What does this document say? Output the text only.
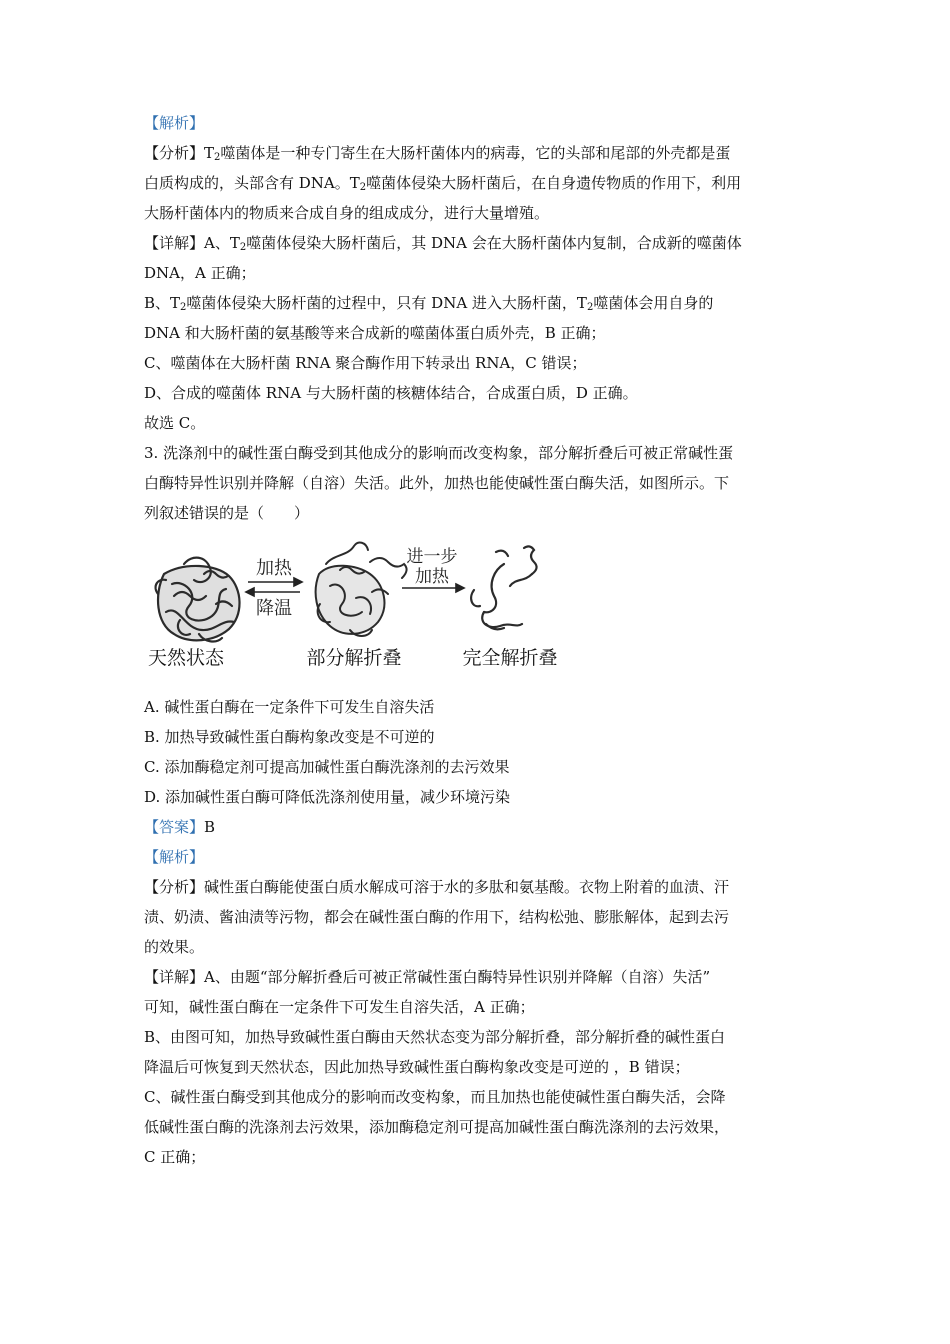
【解析】
【分析】$T_2$噬菌体是一种专门寄生在大肠杆菌体内的病毒，它的头部和尾部的外壳都是蛋
白质构成的，头部含有 DNA。$T_2$噬菌体侵染大肠杆菌后，在自身遗传物质的作用下，利用
大肠杆菌体内的物质来合成自身的组成成分，进行大量增殖。
【详解】A、$T_2$噬菌体侵染大肠杆菌后，其 DNA 会在大肠杆菌体内复制，合成新的噬菌体
DNA，A 正确；
B、$T_2$噬菌体侵染大肠杆菌的过程中，只有 DNA 进入大肠杆菌，$T_2$噬菌体会用自身的
DNA 和大肠杆菌的氨基酸等来合成新的噬菌体蛋白质外壳，B 正确；
C、噬菌体在大肠杆菌 RNA 聚合酶作用下转录出 RNA，C 错误；
D、合成的噬菌体 RNA 与大肠杆菌的核糖体结合，合成蛋白质，D 正确。
故选 C。
3. 洗涤剂中的碱性蛋白酶受到其他成分的影响而改变构象，部分解折叠后可被正常碱性蛋
白酶特异性识别并降解（自溶）失活。此外，加热也能使碱性蛋白酶失活，如图所示。下
列叙述错误的是（　　）
加热
降温
进一步
加热
天然状态	部分解折叠	完全解折叠
A. 碱性蛋白酶在一定条件下可发生自溶失活
B. 加热导致碱性蛋白酶构象改变是不可逆的
C. 添加酶稳定剂可提高加碱性蛋白酶洗涤剂的去污效果
D. 添加碱性蛋白酶可降低洗涤剂使用量，减少环境污染
【答案】B
【解析】
【分析】碱性蛋白酶能使蛋白质水解成可溶于水的多肽和氨基酸。衣物上附着的血渍、汗
渍、奶渍、酱油渍等污物，都会在碱性蛋白酶的作用下，结构松弛、膨胀解体，起到去污
的效果。
【详解】A、由题“部分解折叠后可被正常碱性蛋白酶特异性识别并降解（自溶）失活”
可知，碱性蛋白酶在一定条件下可发生自溶失活，A 正确；
B、由图可知，加热导致碱性蛋白酶由天然状态变为部分解折叠，部分解折叠的碱性蛋白
降温后可恢复到天然状态，因此加热导致碱性蛋白酶构象改变是可逆的 ，B 错误；
C、碱性蛋白酶受到其他成分的影响而改变构象，而且加热也能使碱性蛋白酶失活，会降
低碱性蛋白酶的洗涤剂去污效果，添加酶稳定剂可提高加碱性蛋白酶洗涤剂的去污效果，
C 正确；
